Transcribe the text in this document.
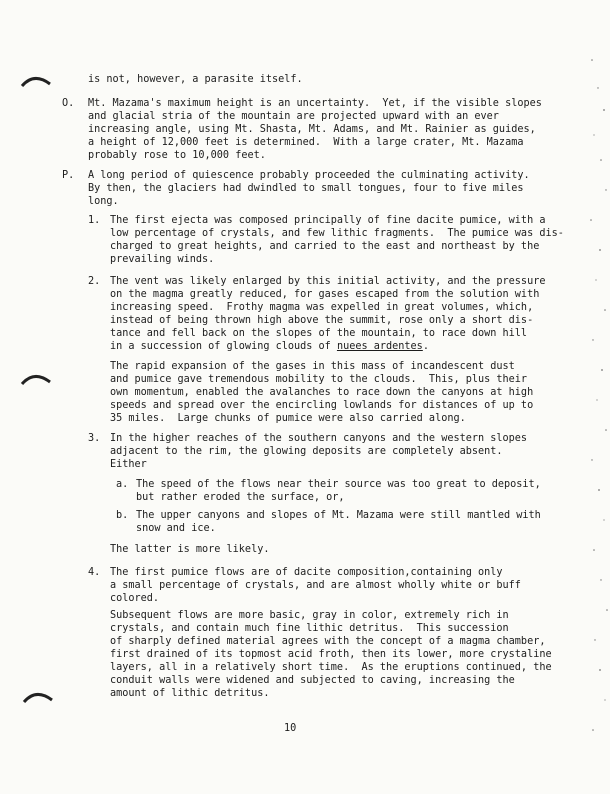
is not, however, a parasite itself.
O. Mt. Mazama's maximum height is an uncertainty.  Yet, if the visible slopes
and glacial stria of the mountain are projected upward with an ever
increasing angle, using Mt. Shasta, Mt. Adams, and Mt. Rainier as guides,
a height of 12,000 feet is determined.  With a large crater, Mt. Mazama
probably rose to 10,000 feet.
P. A long period of quiescence probably proceeded the culminating activity.
By then, the glaciers had dwindled to small tongues, four to five miles
long.
1. The first ejecta was composed principally of fine dacite pumice, with a
low percentage of crystals, and few lithic fragments.  The pumice was dis-
charged to great heights, and carried to the east and northeast by the
prevailing winds.
2. The vent was likely enlarged by this initial activity, and the pressure
on the magma greatly reduced, for gases escaped from the solution with
increasing speed.  Frothy magma was expelled in great volumes, which,
instead of being thrown high above the summit, rose only a short dis-
tance and fell back on the slopes of the mountain, to race down hill
in a succession of glowing clouds of nuees ardentes.
The rapid expansion of the gases in this mass of incandescent dust
and pumice gave tremendous mobility to the clouds.  This, plus their
own momentum, enabled the avalanches to race down the canyons at high
speeds and spread over the encircling lowlands for distances of up to
35 miles.  Large chunks of pumice were also carried along.
3. In the higher reaches of the southern canyons and the western slopes
adjacent to the rim, the glowing deposits are completely absent.
Either
a. The speed of the flows near their source was too great to deposit,
but rather eroded the surface, or,
b. The upper canyons and slopes of Mt. Mazama were still mantled with
snow and ice.
The latter is more likely.
4. The first pumice flows are of dacite composition,containing only
a small percentage of crystals, and are almost wholly white or buff
colored.
Subsequent flows are more basic, gray in color, extremely rich in
crystals, and contain much fine lithic detritus.  This succession
of sharply defined material agrees with the concept of a magma chamber,
first drained of its topmost acid froth, then its lower, more crystaline
layers, all in a relatively short time.  As the eruptions continued, the
conduit walls were widened and subjected to caving, increasing the
amount of lithic detritus.
10
